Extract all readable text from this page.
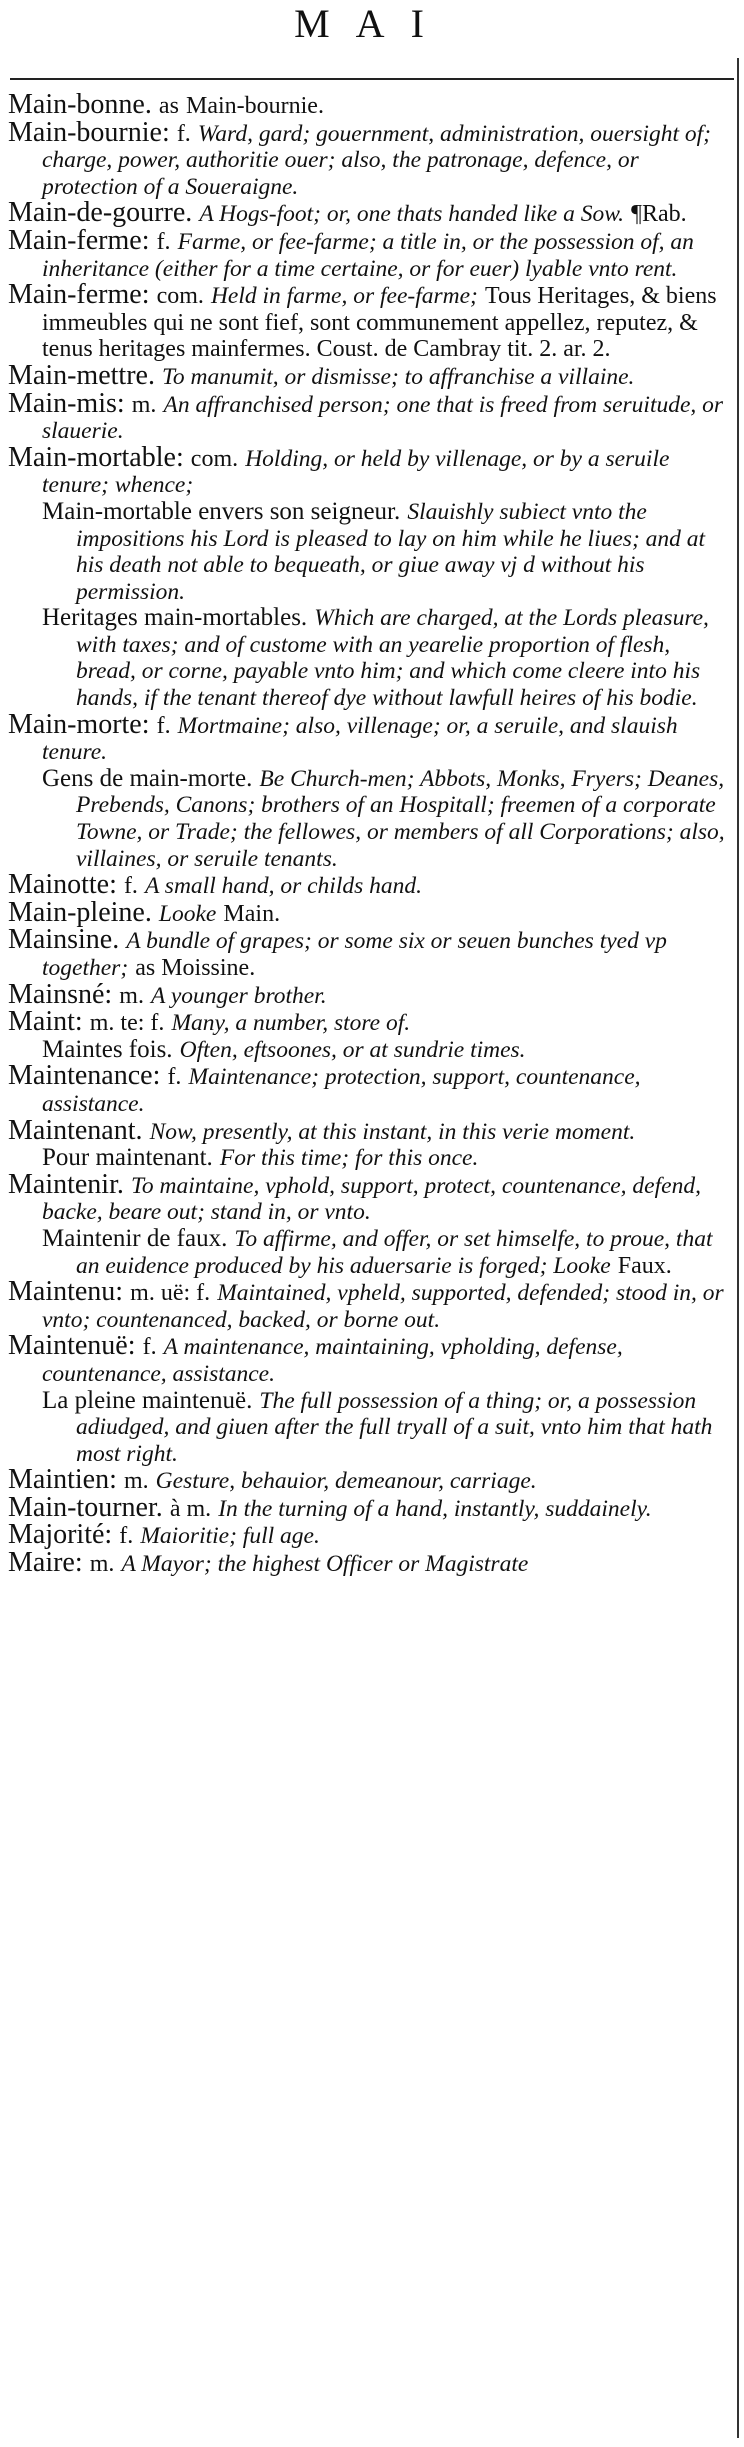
MAI

Main-bonne. as Main-bournie.

Main-bournie: f. Ward, gard; gouernment, administration, ouersight of; charge, power, authoritie ouer; also, the patronage, defence, or protection of a Soueraigne.

Main-de-gourre. A Hogs-foot; or, one thats handed like a Sow. ¶Rab.

Main-ferme: f. Farme, or fee-farme; a title in, or the possession of, an inheritance (either for a time certaine, or for euer) lyable vnto rent.

Main-ferme: com. Held in farme, or fee-farme; Tous Heritages, & biens immeubles qui ne sont fief, sont communement appellez, reputez, & tenus heritages mainfermes. Coust. de Cambray tit. 2. ar. 2.

Main-mettre. To manumit, or dismisse; to affranchise a villaine.

Main-mis: m. An affranchised person; one that is freed from seruitude, or slauerie.

Main-mortable: com. Holding, or held by villenage, or by a seruile tenure; whence;

Main-mortable envers son seigneur. Slauishly subiect vnto the impositions his Lord is pleased to lay on him while he liues; and at his death not able to bequeath, or giue away vj d without his permission.

Heritages main-mortables. Which are charged, at the Lords pleasure, with taxes; and of custome with an yearelie proportion of flesh, bread, or corne, payable vnto him; and which come cleere into his hands, if the tenant thereof dye without lawfull heires of his bodie.

Main-morte: f. Mortmaine; also, villenage; or, a seruile, and slauish tenure.

Gens de main-morte. Be Church-men; Abbots, Monks, Fryers; Deanes, Prebends, Canons; brothers of an Hospitall; freemen of a corporate Towne, or Trade; the fellowes, or members of all Corporations; also, villaines, or seruile tenants.

Mainotte: f. A small hand, or childs hand.

Main-pleine. Looke Main.

Mainsine. A bundle of grapes; or some six or seuen bunches tyed vp together; as Moissine.

Mainsné: m. A younger brother.

Maint: m. te: f. Many, a number, store of.

Maintes fois. Often, eftsoones, or at sundrie times.

Maintenance: f. Maintenance; protection, support, countenance, assistance.

Maintenant. Now, presently, at this instant, in this verie moment.

Pour maintenant. For this time; for this once.

Maintenir. To maintaine, vphold, support, protect, countenance, defend, backe, beare out; stand in, or vnto.

Maintenir de faux. To affirme, and offer, or set himselfe, to proue, that an euidence produced by his aduersarie is forged; Looke Faux.

Maintenu: m. uë: f. Maintained, vpheld, supported, defended; stood in, or vnto; countenanced, backed, or borne out.

Maintenuë: f. A maintenance, maintaining, vpholding, defense, countenance, assistance.

La pleine maintenuë. The full possession of a thing; or, a possession adiudged, and giuen after the full tryall of a suit, vnto him that hath most right.

Maintien: m. Gesture, behauior, demeanour, carriage.

Main-tourner. à m. In the turning of a hand, instantly, suddainely.

Majorité: f. Maioritie; full age.

Maire: m. A Mayor; the highest Officer or Magistrate
